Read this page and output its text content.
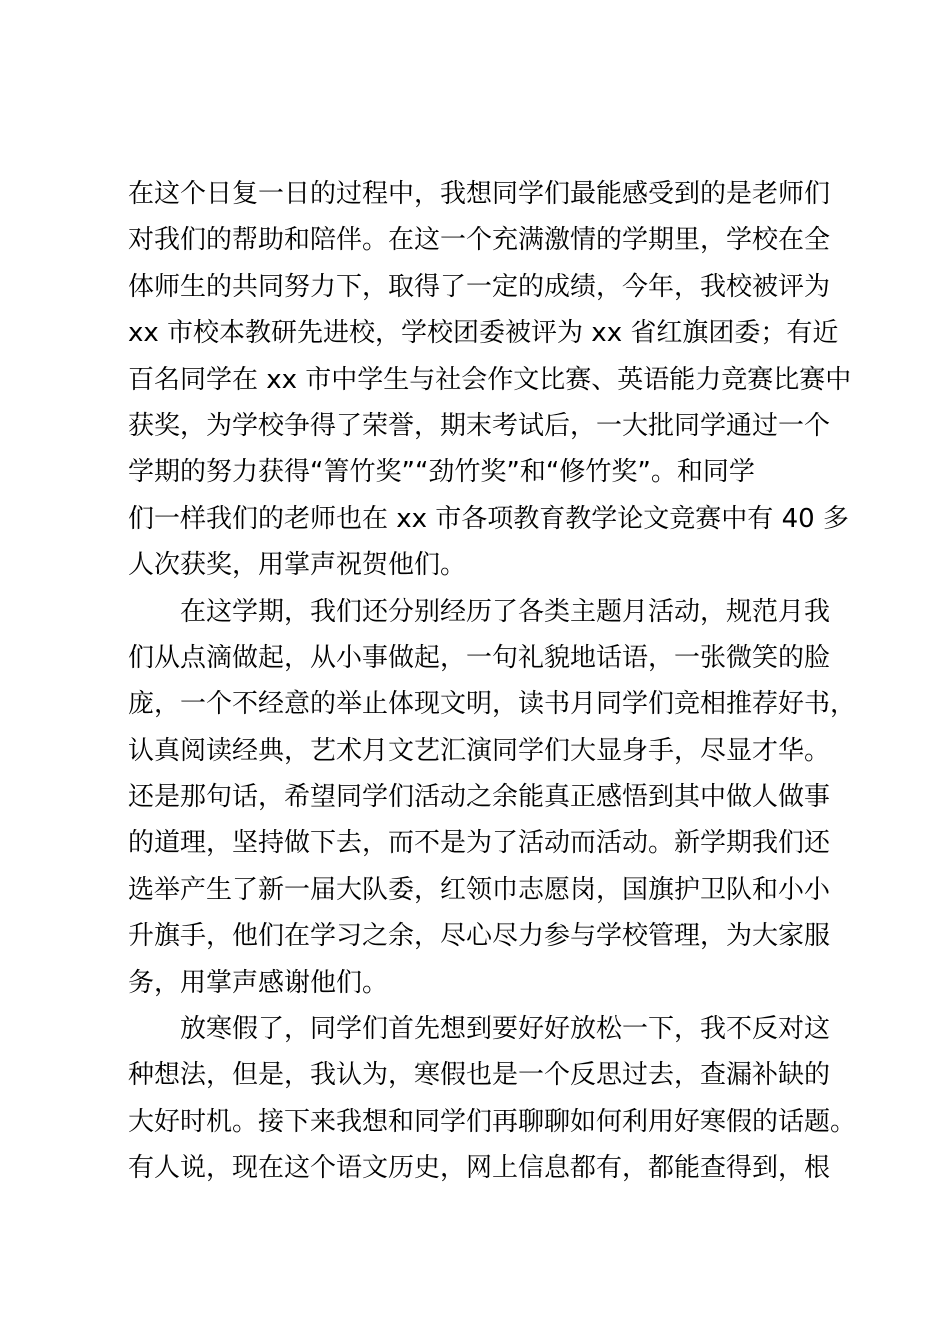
在这个日复一日的过程中，我想同学们最能感受到的是老师们
对我们的帮助和陪伴。在这一个充满激情的学期里，学校在全
体师生的共同努力下，取得了一定的成绩，今年，我校被评为
xx 市校本教研先进校，学校团委被评为 xx 省红旗团委；有近
百名同学在 xx 市中学生与社会作文比赛、英语能力竞赛比赛中
获奖，为学校争得了荣誉，期末考试后，一大批同学通过一个
学期的努力获得“箐竹奖”“劲竹奖”和“修竹奖”。和同学
们一样我们的老师也在 xx 市各项教育教学论文竞赛中有 40 多
人次获奖，用掌声祝贺他们。
在这学期，我们还分别经历了各类主题月活动，规范月我
们从点滴做起，从小事做起，一句礼貌地话语，一张微笑的脸
庞，一个不经意的举止体现文明，读书月同学们竞相推荐好书，
认真阅读经典，艺术月文艺汇演同学们大显身手，尽显才华。
还是那句话，希望同学们活动之余能真正感悟到其中做人做事
的道理，坚持做下去，而不是为了活动而活动。新学期我们还
选举产生了新一届大队委，红领巾志愿岗，国旗护卫队和小小
升旗手，他们在学习之余，尽心尽力参与学校管理，为大家服
务，用掌声感谢他们。
放寒假了，同学们首先想到要好好放松一下，我不反对这
种想法，但是，我认为，寒假也是一个反思过去，查漏补缺的
大好时机。接下来我想和同学们再聊聊如何利用好寒假的话题。
有人说，现在这个语文历史，网上信息都有，都能查得到，根
